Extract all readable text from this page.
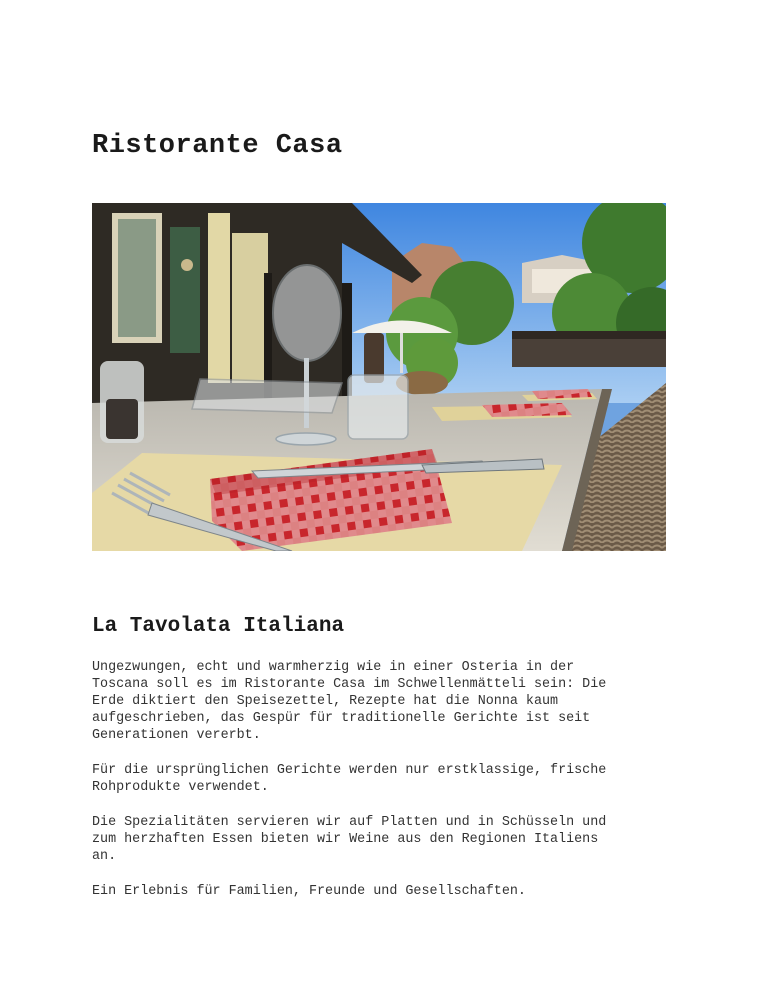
Ristorante Casa
La Tavolata Italiana

Ungezwungen, echt und warmherzig wie in einer Osteria in der
Toscana soll es im Ristorante Casa im Schwellenmätteli sein: Die
Erde diktiert den Speisezettel, Rezepte hat die Nonna kaum
aufgeschrieben, das Gespür für traditionelle Gerichte ist seit
Generationen vererbt.

Für die ursprünglichen Gerichte werden nur erstklassige, frische
Rohprodukte verwendet.

Die Spezialitäten servieren wir auf Platten und in Schüsseln und
zum herzhaften Essen bieten wir Weine aus den Regionen Italiens
an.

Ein Erlebnis für Familien, Freunde und Gesellschaften.
